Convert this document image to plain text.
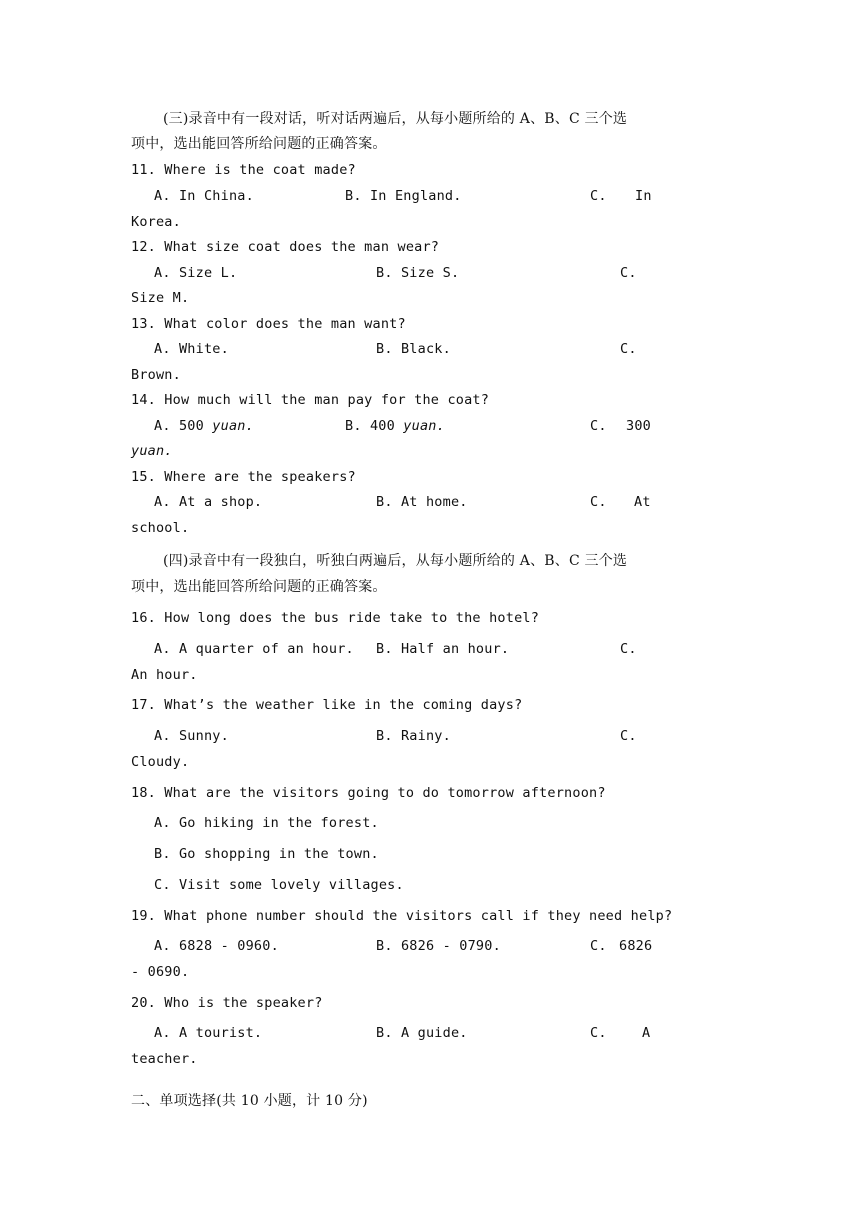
(三)录音中有一段对话，听对话两遍后，从每小题所给的 A、B、C 三个选
项中，选出能回答所给问题的正确答案。
11. Where is the coat made?
A. In China.	B. In England.	C. In
Korea.
12. What size coat does the man wear?
A. Size L.	B. Size S.	C.
Size M.
13. What color does the man want?
A. White.	B. Black.	C.
Brown.
14. How much will the man pay for the coat?
A. 500 yuan.	B. 400 yuan.	C. 300
yuan.
15. Where are the speakers?
A. At a shop.	B. At home.	C. At
school.
(四)录音中有一段独白，听独白两遍后，从每小题所给的 A、B、C 三个选
项中，选出能回答所给问题的正确答案。
16. How long does the bus ride take to the hotel?
A. A quarter of an hour. B. Half an hour.	C.
An hour.
17. What’s the weather like in the coming days?
A. Sunny.	B. Rainy.	C.
Cloudy.
18. What are the visitors going to do tomorrow afternoon?
A. Go hiking in the forest.
B. Go shopping in the town.
C. Visit some lovely villages.
19. What phone number should the visitors call if they need help?
A. 6828 - 0960.	B. 6826 - 0790.	C. 6826
- 0690.
20. Who is the speaker?
A. A tourist.	B. A guide.	C.	A
teacher.
二、单项选择(共 10 小题，计 10 分)
